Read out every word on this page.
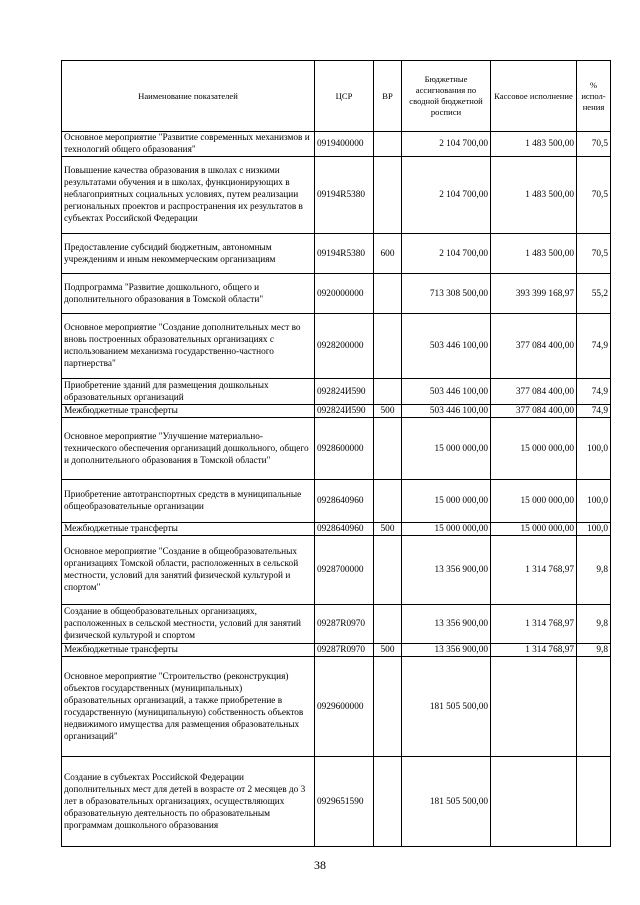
Наименование показателей	ЦСР	ВР	Бюджетные ассигнования по сводной бюджетной росписи	Кассовое исполнение	% испол-нения
Основное мероприятие "Развитие современных механизмов и технологий общего образования"	0919400000		2 104 700,00	1 483 500,00	70,5
Повышение качества образования в школах с низкими результатами обучения и в школах, функционирующих в неблагоприятных социальных условиях, путем реализации региональных проектов и распространения их результатов в субъектах Российской Федерации	09194R5380		2 104 700,00	1 483 500,00	70,5
Предоставление субсидий бюджетным, автономным учреждениям и иным некоммерческим организациям	09194R5380	600	2 104 700,00	1 483 500,00	70,5
Подпрограмма "Развитие дошкольного, общего и дополнительного образования в Томской области"	0920000000		713 308 500,00	393 399 168,97	55,2
Основное мероприятие "Создание дополнительных мест во вновь построенных образовательных организациях с использованием механизма государственно-частного партнерства"	0928200000		503 446 100,00	377 084 400,00	74,9
Приобретение зданий для размещения дошкольных образовательных организаций	092824И590		503 446 100,00	377 084 400,00	74,9
Межбюджетные трансферты	092824И590	500	503 446 100,00	377 084 400,00	74,9
Основное мероприятие "Улучшение материально-технического обеспечения организаций дошкольного, общего и дополнительного образования в Томской области"	0928600000		15 000 000,00	15 000 000,00	100,0
Приобретение автотранспортных средств в муниципальные общеобразовательные организации	0928640960		15 000 000,00	15 000 000,00	100,0
Межбюджетные трансферты	0928640960	500	15 000 000,00	15 000 000,00	100,0
Основное мероприятие "Создание в общеобразовательных организациях Томской области, расположенных в сельской местности, условий для занятий физической культурой и спортом"	0928700000		13 356 900,00	1 314 768,97	9,8
Создание в общеобразовательных организациях, расположенных в сельской местности, условий для занятий физической культурой и спортом	09287R0970		13 356 900,00	1 314 768,97	9,8
Межбюджетные трансферты	09287R0970	500	13 356 900,00	1 314 768,97	9,8
Основное мероприятие "Строительство (реконструкция) объектов государственных (муниципальных) образовательных организаций, а также приобретение в государственную (муниципальную) собственность объектов недвижимого имущества для размещения образовательных организаций"	0929600000		181 505 500,00		
Создание в субъектах Российской Федерации дополнительных мест для детей в возрасте от 2 месяцев до 3 лет в образовательных организациях, осуществляющих образовательную деятельность по образовательным программам дошкольного образования	0929651590		181 505 500,00		
38
